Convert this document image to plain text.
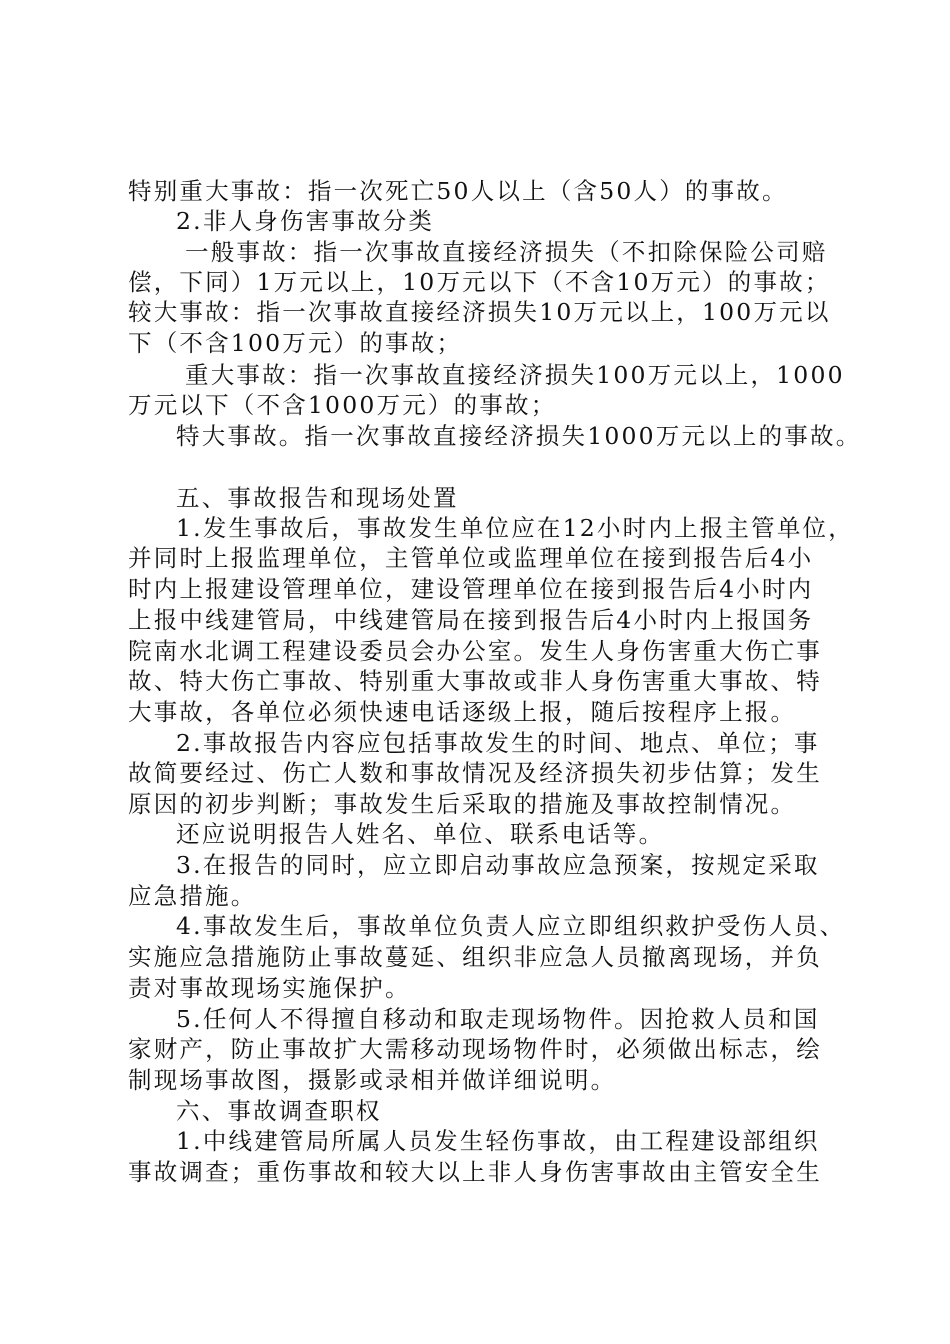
特别重大事故：指一次死亡50人以上（含50人）的事故。
2.非人身伤害事故分类
一般事故：指一次事故直接经济损失（不扣除保险公司赔
偿，下同）1万元以上，10万元以下（不含10万元）的事故；
较大事故：指一次事故直接经济损失10万元以上，100万元以
下（不含100万元）的事故；
重大事故：指一次事故直接经济损失100万元以上，1000
万元以下（不含1000万元）的事故；
特大事故。指一次事故直接经济损失1000万元以上的事故。
五、事故报告和现场处置
1.发生事故后，事故发生单位应在12小时内上报主管单位，
并同时上报监理单位，主管单位或监理单位在接到报告后4小
时内上报建设管理单位，建设管理单位在接到报告后4小时内
上报中线建管局，中线建管局在接到报告后4小时内上报国务
院南水北调工程建设委员会办公室。发生人身伤害重大伤亡事
故、特大伤亡事故、特别重大事故或非人身伤害重大事故、特
大事故，各单位必须快速电话逐级上报，随后按程序上报。
2.事故报告内容应包括事故发生的时间、地点、单位；事
故简要经过、伤亡人数和事故情况及经济损失初步估算；发生
原因的初步判断；事故发生后采取的措施及事故控制情况。
还应说明报告人姓名、单位、联系电话等。
3.在报告的同时，应立即启动事故应急预案，按规定采取
应急措施。
4.事故发生后，事故单位负责人应立即组织救护受伤人员、
实施应急措施防止事故蔓延、组织非应急人员撤离现场，并负
责对事故现场实施保护。
5.任何人不得擅自移动和取走现场物件。因抢救人员和国
家财产，防止事故扩大需移动现场物件时，必须做出标志，绘
制现场事故图，摄影或录相并做详细说明。
六、事故调查职权
1.中线建管局所属人员发生轻伤事故，由工程建设部组织
事故调查；重伤事故和较大以上非人身伤害事故由主管安全生
